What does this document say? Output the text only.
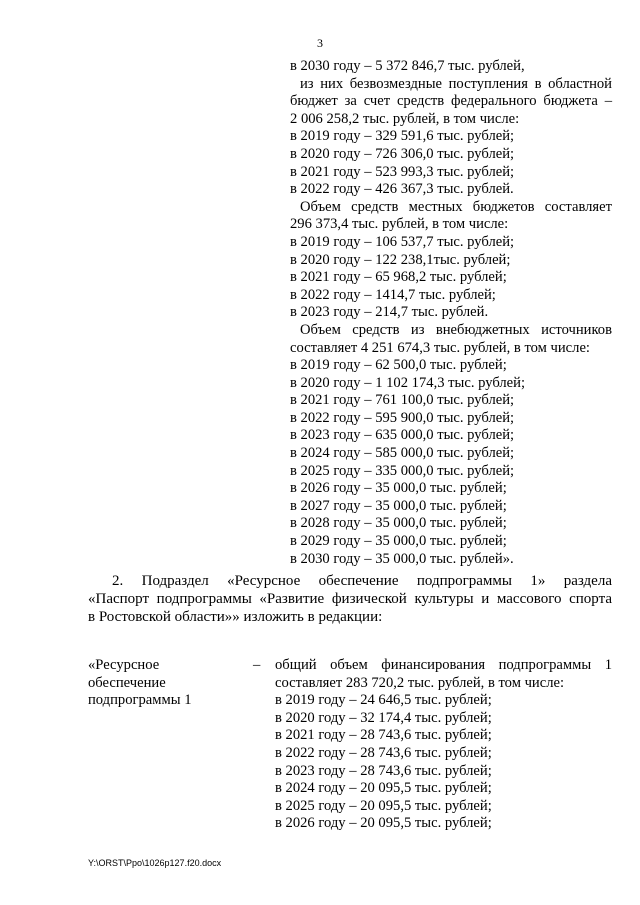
3
в 2030 году – 5 372 846,7 тыс. рублей,
из них безвозмездные поступления в областной
бюджет за счет средств федерального бюджета –
2 006 258,2 тыс. рублей, в том числе:
в 2019 году – 329 591,6 тыс. рублей;
в 2020 году – 726 306,0 тыс. рублей;
в 2021 году – 523 993,3 тыс. рублей;
в 2022 году – 426 367,3 тыс. рублей.
Объем средств местных бюджетов составляет
296 373,4 тыс. рублей, в том числе:
в 2019 году – 106 537,7 тыс. рублей;
в 2020 году – 122 238,1тыс. рублей;
в 2021 году – 65 968,2 тыс. рублей;
в 2022 году – 1414,7 тыс. рублей;
в 2023 году – 214,7 тыс. рублей.
Объем средств из внебюджетных источников
составляет 4 251 674,3 тыс. рублей, в том числе:
в 2019 году – 62 500,0 тыс. рублей;
в 2020 году – 1 102 174,3 тыс. рублей;
в 2021 году – 761 100,0 тыс. рублей;
в 2022 году – 595 900,0 тыс. рублей;
в 2023 году – 635 000,0 тыс. рублей;
в 2024 году – 585 000,0 тыс. рублей;
в 2025 году – 335 000,0 тыс. рублей;
в 2026 году – 35 000,0 тыс. рублей;
в 2027 году – 35 000,0 тыс. рублей;
в 2028 году – 35 000,0 тыс. рублей;
в 2029 году – 35 000,0 тыс. рублей;
в 2030 году – 35 000,0 тыс. рублей».
2. Подраздел «Ресурсное обеспечение подпрограммы 1» раздела
«Паспорт подпрограммы «Развитие физической культуры и массового спорта
в Ростовской области»» изложить в редакции:
«Ресурсное
обеспечение
подпрограммы 1
– общий объем финансирования подпрограммы 1
составляет 283 720,2 тыс. рублей, в том числе:
в 2019 году – 24 646,5 тыс. рублей;
в 2020 году – 32 174,4 тыс. рублей;
в 2021 году – 28 743,6 тыс. рублей;
в 2022 году – 28 743,6 тыс. рублей;
в 2023 году – 28 743,6 тыс. рублей;
в 2024 году – 20 095,5 тыс. рублей;
в 2025 году – 20 095,5 тыс. рублей;
в 2026 году – 20 095,5 тыс. рублей;
Y:\ORST\Ppo\1026p127.f20.docx
